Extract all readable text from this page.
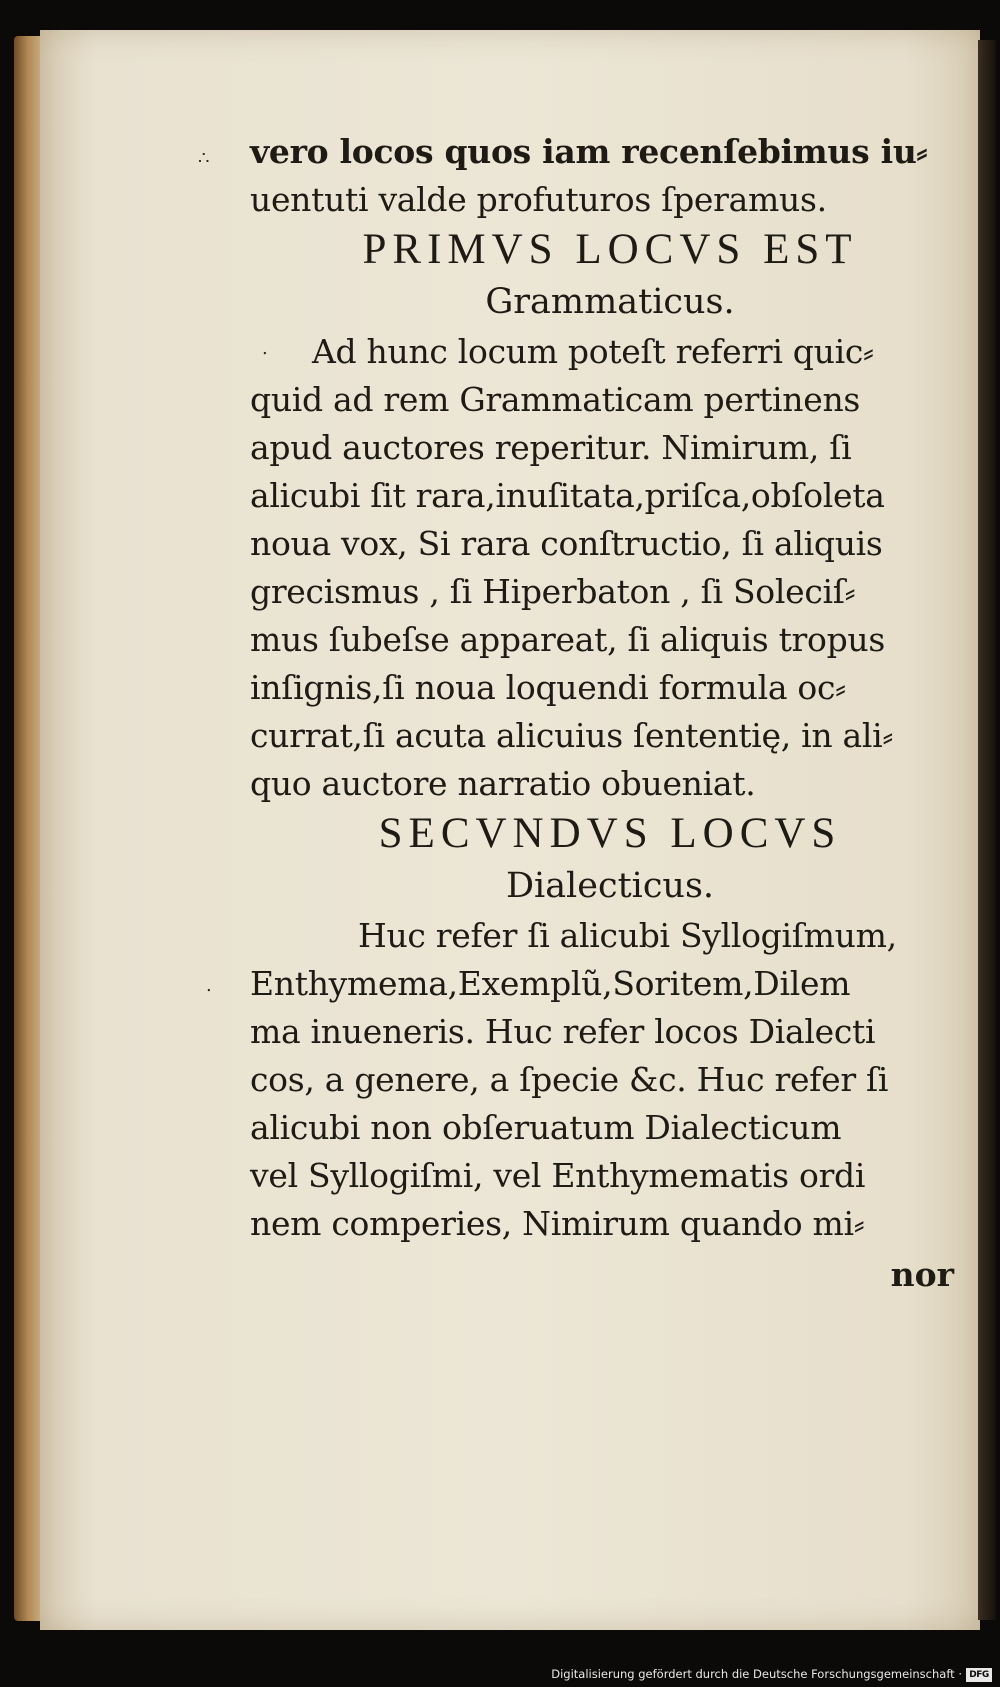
∴
.
.
vero locos quos iam recenſebimus iu⸗
uentuti valde profuturos ſperamus.
PRIMVS LOCVS EST
Grammaticus.
Ad hunc locum poteſt referri quic⸗
quid ad rem Grammaticam pertinens
apud auctores reperitur. Nimirum, ſi
alicubi ſit rara,inuſitata,priſca,obſoleta
noua vox, Si rara conſtructio, ſi aliquis
grecismus , ſi Hiperbaton , ſi Soleciſ⸗
mus ſubeſse appareat, ſi aliquis tropus
inſignis,ſi noua loquendi formula oc⸗
currat,ſi acuta alicuius ſententię, in ali⸗
quo auctore narratio obueniat.
SECVNDVS LOCVS
Dialecticus.
Huc refer ſi alicubi Syllogiſmum,
Enthymema,Exemplũ,Soritem,Dilem
ma inueneris. Huc refer locos Dialecti
cos, a genere, a ſpecie &c. Huc refer ſi
alicubi non obſeruatum Dialecticum
vel Syllogiſmi, vel Enthymematis ordi
nem comperies, Nimirum quando mi⸗
nor
Digitalisierung gefördert durch die Deutsche Forschungsgemeinschaft · DFG
